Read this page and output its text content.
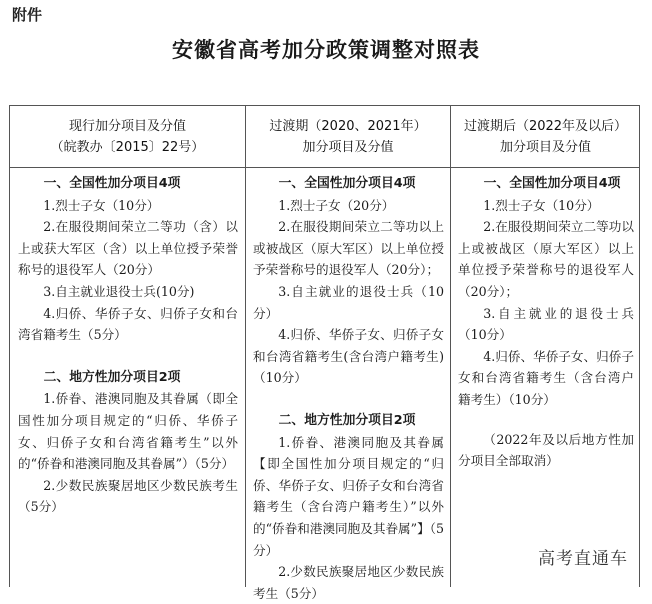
附件
安徽省高考加分政策调整对照表
现行加分项目及分值
（皖教办〔2015〕22号）
过渡期（2020、2021年）
加分项目及分值
过渡期后（2022年及以后）
加分项目及分值

一、全国性加分项目4项

1.烈士子女（10分）

2.在服役期间荣立二等功（含）以上或获大军区（含）以上单位授予荣誉称号的退役军人（20分）

3.自主就业退役士兵(10分)

4.归侨、华侨子女、归侨子女和台湾省籍考生（5分）

二、地方性加分项目2项

1.侨眷、港澳同胞及其眷属（即全国性加分项目规定的“归侨、华侨子女、归侨子女和台湾省籍考生”以外的“侨眷和港澳同胞及其眷属”）（5分）

2.少数民族聚居地区少数民族考生（5分）

一、全国性加分项目4项

1.烈士子女（20分）

2.在服役期间荣立二等功以上或被战区（原大军区）以上单位授予荣誉称号的退役军人（20分）；

3.自主就业的退役士兵（10分）

4.归侨、华侨子女、归侨子女和台湾省籍考生(含台湾户籍考生)（10分）

二、地方性加分项目2项

1.侨眷、港澳同胞及其眷属【即全国性加分项目规定的“归侨、华侨子女、归侨子女和台湾省籍考生（含台湾户籍考生）”以外的“侨眷和港澳同胞及其眷属”】（5分）

2.少数民族聚居地区少数民族考生（5分）

一、全国性加分项目4项

1.烈士子女（10分）

2.在服役期间荣立二等功以上或被战区（原大军区）以上单位授予荣誉称号的退役军人（20分）；

3.自主就业的退役士兵（10分）

4.归侨、华侨子女、归侨子女和台湾省籍考生（含台湾户籍考生）（10分）

（2022年及以后地方性加分项目全部取消）

高考直通车
